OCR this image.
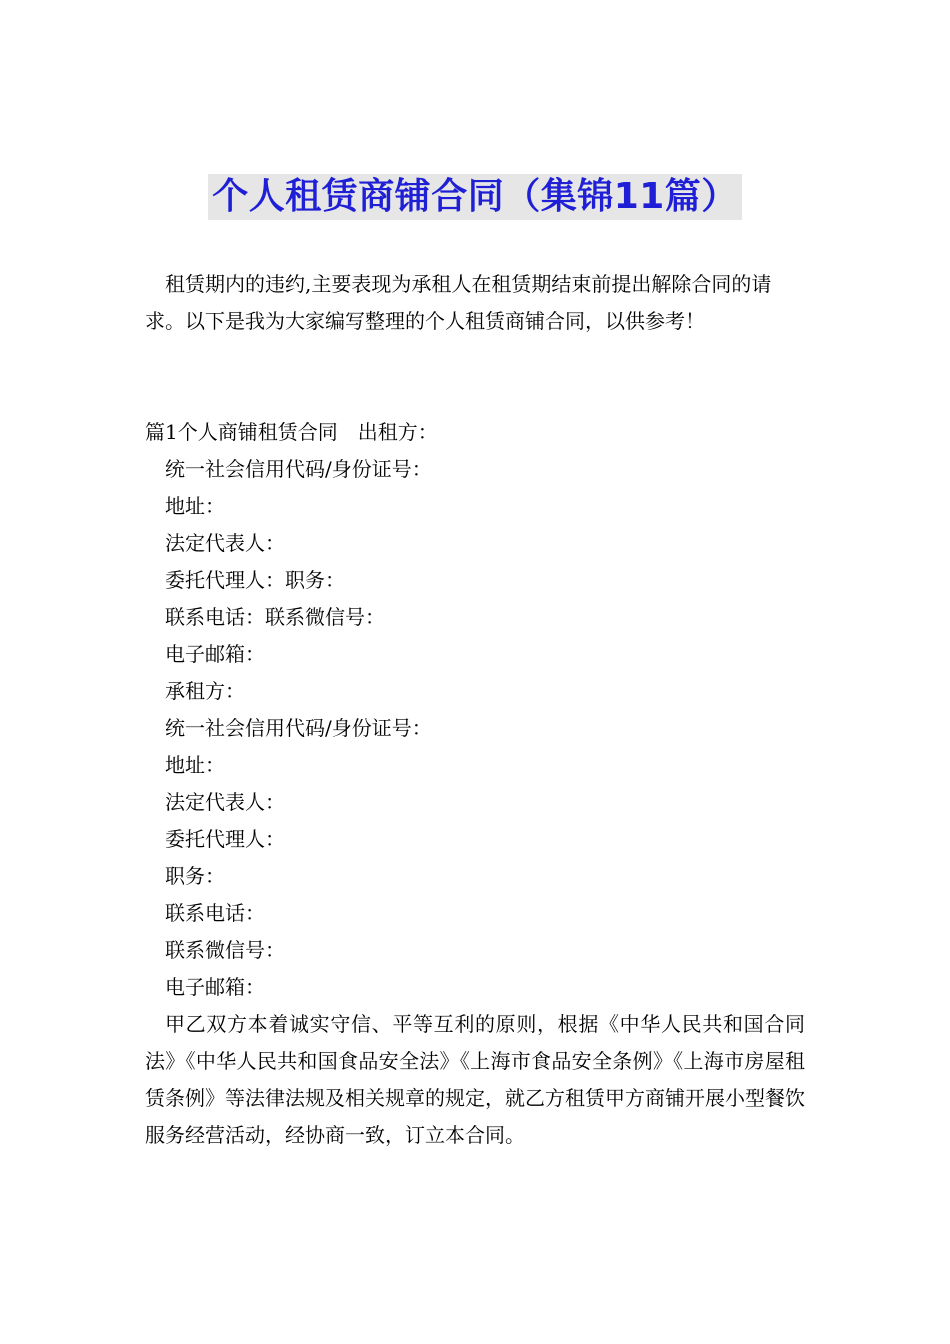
个人租赁商铺合同（集锦11篇）

租赁期内的违约,主要表现为承租人在租赁期结束前提出解除合同的请求。以下是我为大家编写整理的个人租赁商铺合同，以供参考！

篇1个人商铺租赁合同　出租方：

统一社会信用代码/身份证号：

地址：

法定代表人：

委托代理人：职务：

联系电话：联系微信号：

电子邮箱：

承租方：

统一社会信用代码/身份证号：

地址：

法定代表人：

委托代理人：

职务：

联系电话：

联系微信号：

电子邮箱：

甲乙双方本着诚实守信、平等互利的原则，根据《中华人民共和国合同法》《中华人民共和国食品安全法》《上海市食品安全条例》《上海市房屋租赁条例》等法律法规及相关规章的规定，就乙方租赁甲方商铺开展小型餐饮服务经营活动，经协商一致，订立本合同。
